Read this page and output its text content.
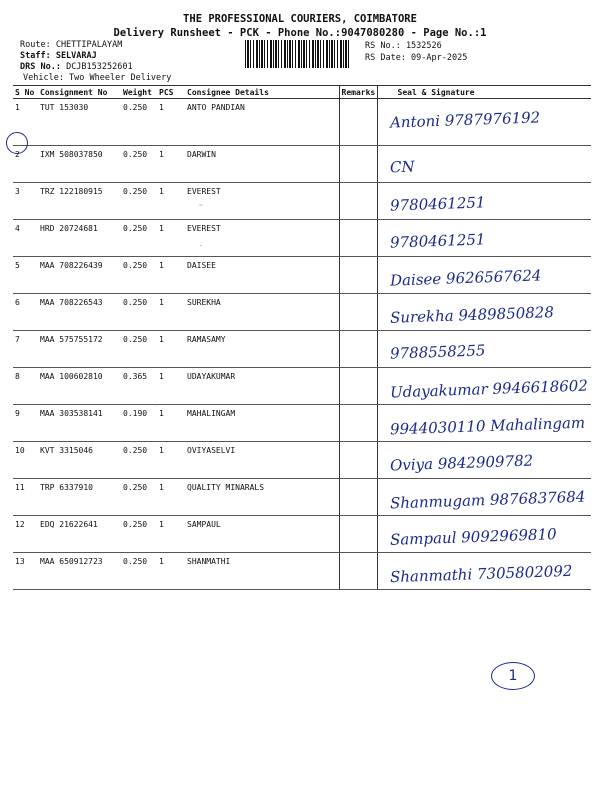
THE PROFESSIONAL COURIERS, COIMBATORE
Delivery Runsheet - PCK - Phone No.:9047080280 - Page No.:1
Route: CHETTIPALAYAM
Staff: SELVARAJ
DRS No.: DCJB153252601
Vehicle: Two Wheeler Delivery
RS No.: 1532526
RS Date: 09-Apr-2025
S No	Consignment No	Weight	PCS	Consignee Details	Remarks	Seal & Signature
1	TUT 153030	0.250	1	ANTO PANDIAN		Antoni 9787976192

2	IXM 508037850	0.250	1	DARWIN		CN

3	TRZ 122180915	0.250	1	EVEREST		9780461251

4	HRD 20724681	0.250	1	EVEREST		9780461251

5	MAA 708226439	0.250	1	DAISEE		Daisee 9626567624

6	MAA 708226543	0.250	1	SUREKHA		Surekha 9489850828

7	MAA 575755172	0.250	1	RAMASAMY		9788558255

8	MAA 100602810	0.365	1	UDAYAKUMAR		Udayakumar 9946618602

9	MAA 303538141	0.190	1	MAHALINGAM		9944030110 Mahalingam

10	KVT 3315046	0.250	1	OVIYASELVI		Oviya 9842909782

11	TRP 6337910	0.250	1	QUALITY MINARALS		Shanmugam 9876837684

12	EDQ 21622641	0.250	1	SAMPAUL		Sampaul 9092969810

13	MAA 650912723	0.250	1	SHANMATHI		Shanmathi 7305802092
~
-
’
1
